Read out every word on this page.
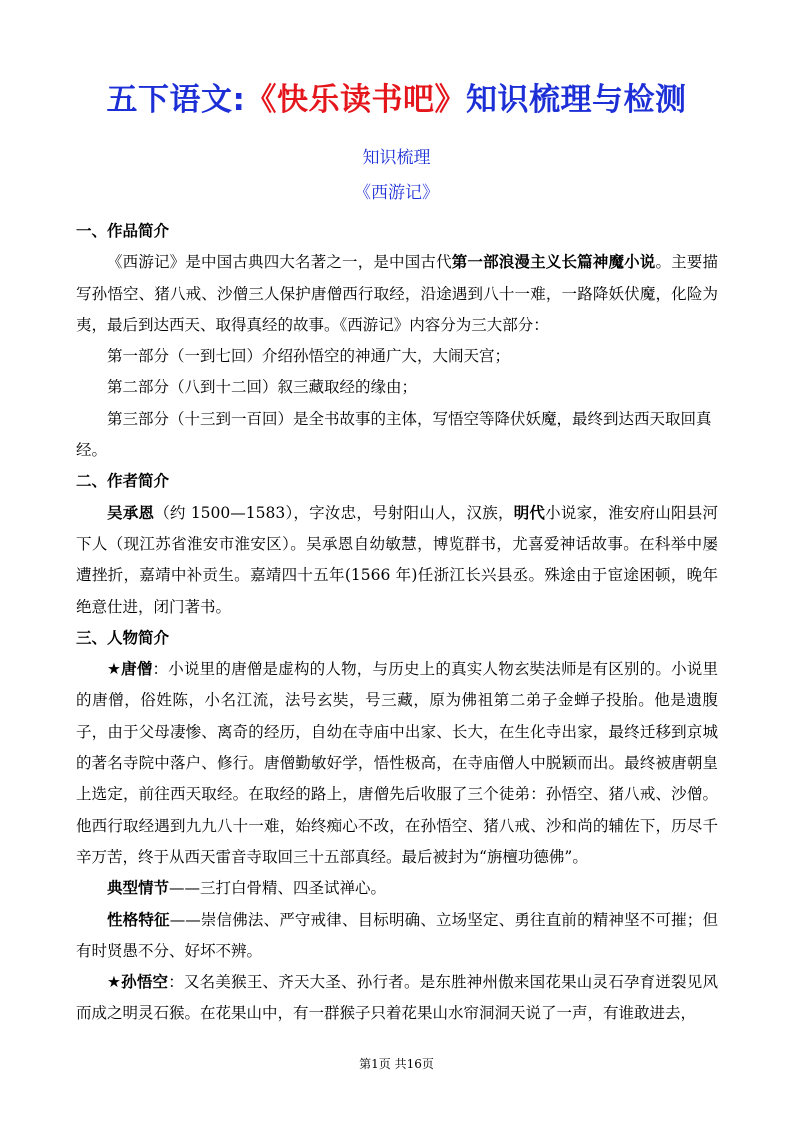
五下语文:《快乐读书吧》知识梳理与检测
知识梳理
《西游记》

一、作品简介

《西游记》是中国古典四大名著之一，是中国古代第一部浪漫主义长篇神魔小说。主要描写孙悟空、猪八戒、沙僧三人保护唐僧西行取经，沿途遇到八十一难，一路降妖伏魔，化险为夷，最后到达西天、取得真经的故事。《西游记》内容分为三大部分：

第一部分（一到七回）介绍孙悟空的神通广大，大闹天宫；

第二部分（八到十二回）叙三藏取经的缘由；

第三部分（十三到一百回）是全书故事的主体，写悟空等降伏妖魔，最终到达西天取回真经。

二、作者简介

吴承恩（约 1500—1583），字汝忠，号射阳山人，汉族，明代小说家，淮安府山阳县河下人（现江苏省淮安市淮安区）。吴承恩自幼敏慧，博览群书，尤喜爱神话故事。在科举中屡遭挫折，嘉靖中补贡生。嘉靖四十五年(1566 年)任浙江长兴县丞。殊途由于宦途困顿，晚年绝意仕进，闭门著书。

三、人物简介

★唐僧：小说里的唐僧是虚构的人物，与历史上的真实人物玄奘法师是有区别的。小说里的唐僧，俗姓陈，小名江流，法号玄奘，号三藏，原为佛祖第二弟子金蝉子投胎。他是遗腹子，由于父母凄惨、离奇的经历，自幼在寺庙中出家、长大，在生化寺出家，最终迁移到京城的著名寺院中落户、修行。唐僧勤敏好学，悟性极高，在寺庙僧人中脱颖而出。最终被唐朝皇上选定，前往西天取经。在取经的路上，唐僧先后收服了三个徒弟：孙悟空、猪八戒、沙僧。他西行取经遇到九九八十一难，始终痴心不改，在孙悟空、猪八戒、沙和尚的辅佐下，历尽千辛万苦，终于从西天雷音寺取回三十五部真经。最后被封为“旃檀功德佛”。

典型情节——三打白骨精、四圣试禅心。

性格特征——崇信佛法、严守戒律、目标明确、立场坚定、勇往直前的精神坚不可摧；但有时贤愚不分、好坏不辨。

★孙悟空：又名美猴王、齐天大圣、孙行者。是东胜神州傲来国花果山灵石孕育迸裂见风而成之明灵石猴。在花果山中，有一群猴子只着花果山水帘洞洞天说了一声，有谁敢进去，

第1页 共16页
